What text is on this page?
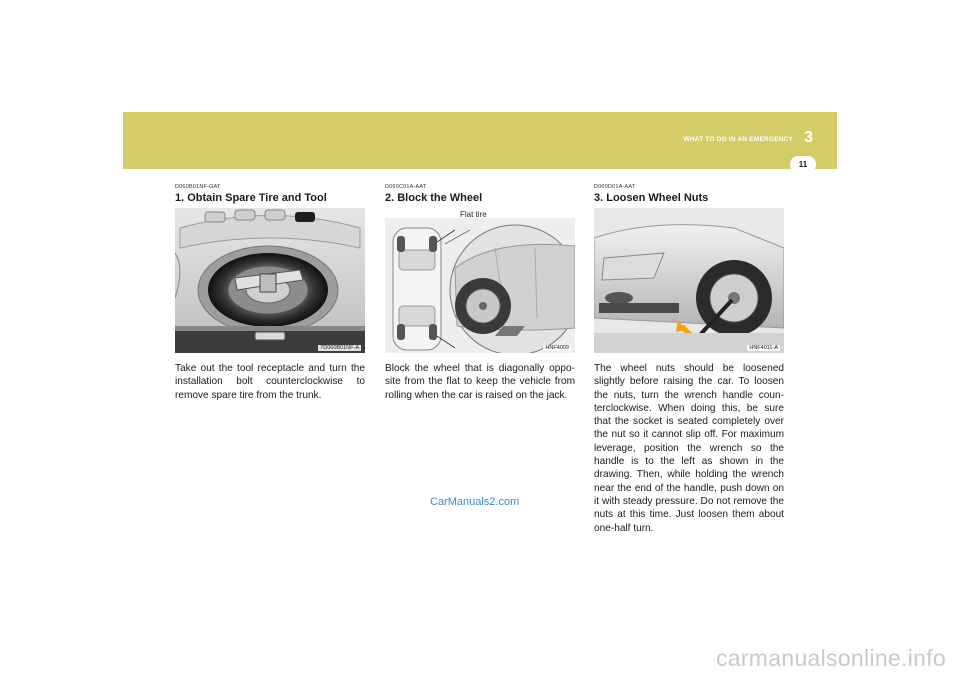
WHAT TO DO IN AN EMERGENCY 3
11
D060B01NF-GAT
1. Obtain Spare Tire and Tool
7D060B01NF-A

Take out the tool receptacle and turn the installation bolt counterclockwise to remove spare tire from the trunk.

D060C01A-AAT
2. Block the Wheel
Flat tire
HNF4009

Block the wheel that is diagonally oppo-site from the flat to keep the vehicle from rolling when the car is raised on the jack.

D060D01A-AAT
3. Loosen Wheel Nuts
HNF4011-A

The wheel nuts should be loosened slightly before raising the car. To loosen the nuts, turn the wrench handle coun-terclockwise. When doing this, be sure that the socket is seated completely over the nut so it cannot slip off. For maximum leverage, position the wrench so the handle is to the left as shown in the drawing. Then, while holding the wrench near the end of the handle, push down on it with steady pressure. Do not remove the nuts at this time. Just loosen them about one-half turn.

CarManuals2.com
carmanualsonline.info
